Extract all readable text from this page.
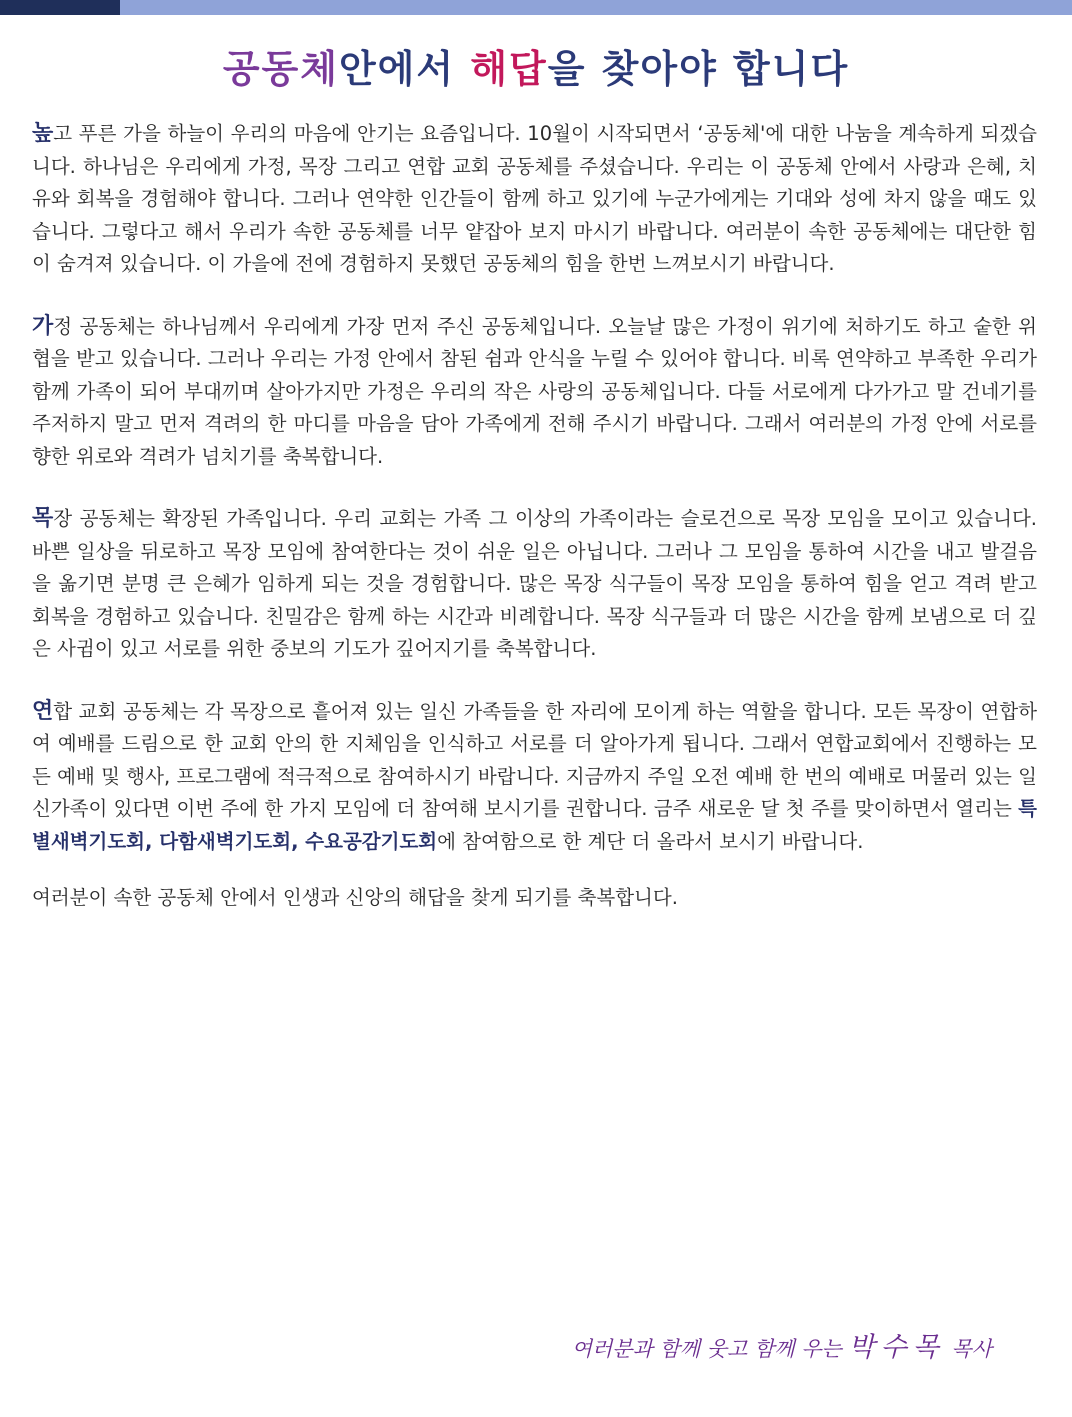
공동체안에서 해답을 찾아야 합니다

높고 푸른 가을 하늘이 우리의 마음에 안기는 요즘입니다. 10월이 시작되면서 ‘공동체'에 대한 나눔을 계속하게 되겠습니다. 하나님은 우리에게 가정, 목장 그리고 연합 교회 공동체를 주셨습니다. 우리는 이 공동체 안에서 사랑과 은혜, 치유와 회복을 경험해야 합니다. 그러나 연약한 인간들이 함께 하고 있기에 누군가에게는 기대와 성에 차지 않을 때도 있습니다. 그렇다고 해서 우리가 속한 공동체를 너무 얕잡아 보지 마시기 바랍니다. 여러분이 속한 공동체에는 대단한 힘이 숨겨져 있습니다. 이 가을에 전에 경험하지 못했던 공동체의 힘을 한번 느껴보시기 바랍니다.

가정 공동체는 하나님께서 우리에게 가장 먼저 주신 공동체입니다. 오늘날 많은 가정이 위기에 처하기도 하고 숱한 위협을 받고 있습니다. 그러나 우리는 가정 안에서 참된 쉼과 안식을 누릴 수 있어야 합니다. 비록 연약하고 부족한 우리가 함께 가족이 되어 부대끼며 살아가지만 가정은 우리의 작은 사랑의 공동체입니다. 다들 서로에게 다가가고 말 건네기를 주저하지 말고 먼저 격려의 한 마디를 마음을 담아 가족에게 전해 주시기 바랍니다. 그래서 여러분의 가정 안에 서로를 향한 위로와 격려가 넘치기를 축복합니다.

목장 공동체는 확장된 가족입니다. 우리 교회는 가족 그 이상의 가족이라는 슬로건으로 목장 모임을 모이고 있습니다. 바쁜 일상을 뒤로하고 목장 모임에 참여한다는 것이 쉬운 일은 아닙니다. 그러나 그 모임을 통하여 시간을 내고 발걸음을 옮기면 분명 큰 은혜가 임하게 되는 것을 경험합니다. 많은 목장 식구들이 목장 모임을 통하여 힘을 얻고 격려 받고 회복을 경험하고 있습니다. 친밀감은 함께 하는 시간과 비례합니다. 목장 식구들과 더 많은 시간을 함께 보냄으로 더 깊은 사귐이 있고 서로를 위한 중보의 기도가 깊어지기를 축복합니다.

연합 교회 공동체는 각 목장으로 흩어져 있는 일신 가족들을 한 자리에 모이게 하는 역할을 합니다. 모든 목장이 연합하여 예배를 드림으로 한 교회 안의 한 지체임을 인식하고 서로를 더 알아가게 됩니다. 그래서 연합교회에서 진행하는 모든 예배 및 행사, 프로그램에 적극적으로 참여하시기 바랍니다. 지금까지 주일 오전 예배 한 번의 예배로 머물러 있는 일신가족이 있다면 이번 주에 한 가지 모임에 더 참여해 보시기를 권합니다. 금주 새로운 달 첫 주를 맞이하면서 열리는 특별새벽기도회, 다함새벽기도회, 수요공감기도회에 참여함으로 한 계단 더 올라서 보시기 바랍니다.

여러분이 속한 공동체 안에서 인생과 신앙의 해답을 찾게 되기를 축복합니다.

여러분과 함께 웃고 함께 우는 박수목 목사
